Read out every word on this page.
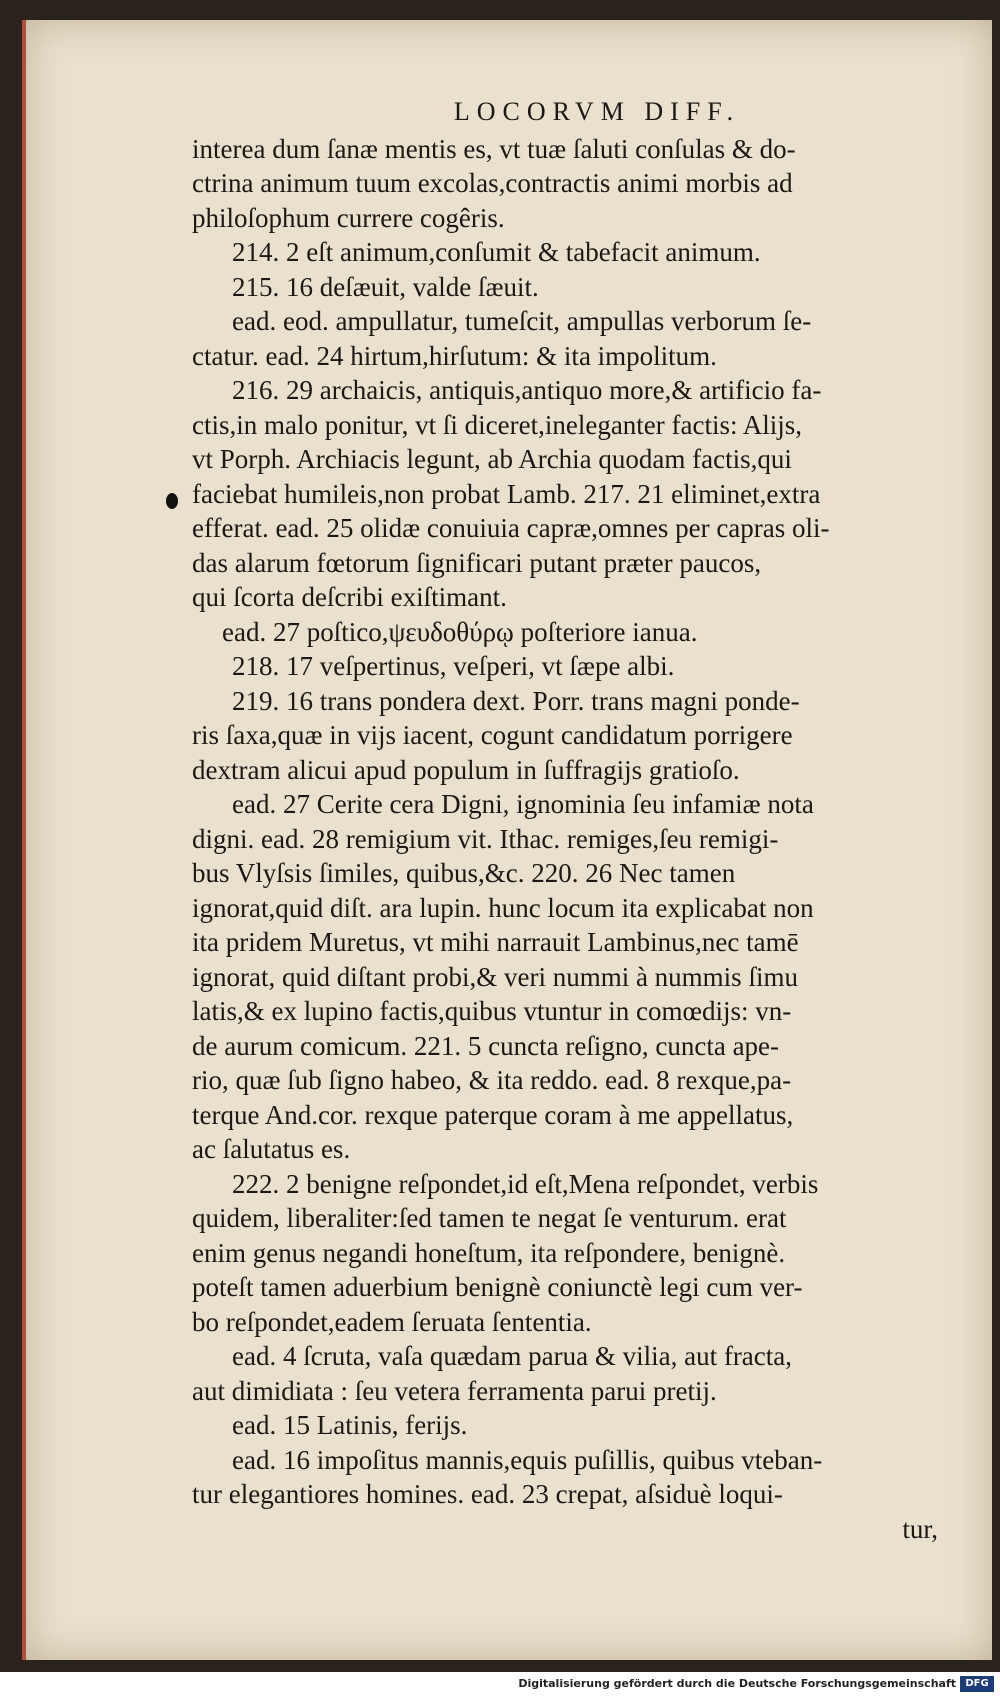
LOCORVM DIFF.
interea dum ſanæ mentis es, vt tuæ ſaluti conſulas & do-
ctrina animum tuum excolas,contractis animi morbis ad
philoſophum currere cogêris.
214. 2 eſt animum,conſumit & tabefacit animum.
215. 16 deſæuit, valde ſæuit.
ead. eod. ampullatur, tumeſcit, ampullas verborum ſe-
ctatur. ead. 24 hirtum,hirſutum: & ita impolitum.
216. 29 archaicis, antiquis,antiquo more,& artificio fa-
ctis,in malo ponitur, vt ſi diceret,ineleganter factis: Alijs,
vt Porph. Archiacis legunt, ab Archia quodam factis,qui
faciebat humileis,non probat Lamb. 217. 21 eliminet,extra
efferat. ead. 25 olidæ conuiuia capræ,omnes per capras oli-
das alarum fœtorum ſignificari putant præter paucos,
qui ſcorta deſcribi exiſtimant.
ead. 27 poſtico,ψευδοθύρῳ poſteriore ianua.
218. 17 veſpertinus, veſperi, vt ſæpe albi.
219. 16 trans pondera dext. Porr. trans magni ponde-
ris ſaxa,quæ in vijs iacent, cogunt candidatum porrigere
dextram alicui apud populum in ſuffragijs gratioſo.
ead. 27 Cerite cera Digni, ignominia ſeu infamiæ nota
digni. ead. 28 remigium vit. Ithac. remiges,ſeu remigi-
bus Vlyſsis ſimiles, quibus,&c. 220. 26 Nec tamen
ignorat,quid diſt. ara lupin. hunc locum ita explicabat non
ita pridem Muretus, vt mihi narrauit Lambinus,nec tamē
ignorat, quid diſtant probi,& veri nummi à nummis ſimu
latis,& ex lupino factis,quibus vtuntur in comœdijs: vn-
de aurum comicum. 221. 5 cuncta reſigno, cuncta ape-
rio, quæ ſub ſigno habeo, & ita reddo. ead. 8 rexque,pa-
terque And.cor. rexque paterque coram à me appellatus,
ac ſalutatus es.
222. 2 benigne reſpondet,id eſt,Mena reſpondet, verbis
quidem, liberaliter:ſed tamen te negat ſe venturum. erat
enim genus negandi honeſtum, ita reſpondere, benignè.
poteſt tamen aduerbium benignè coniunctè legi cum ver-
bo reſpondet,eadem ſeruata ſententia.
ead. 4 ſcruta, vaſa quædam parua & vilia, aut fracta,
aut dimidiata : ſeu vetera ferramenta parui pretij.
ead. 15 Latinis, ferijs.
ead. 16 impoſitus mannis,equis puſillis, quibus vteban-
tur elegantiores homines. ead. 23 crepat, aſsiduè loqui-
tur,
Digitalisierung gefördert durch die Deutsche Forschungsgemeinschaft DFG
